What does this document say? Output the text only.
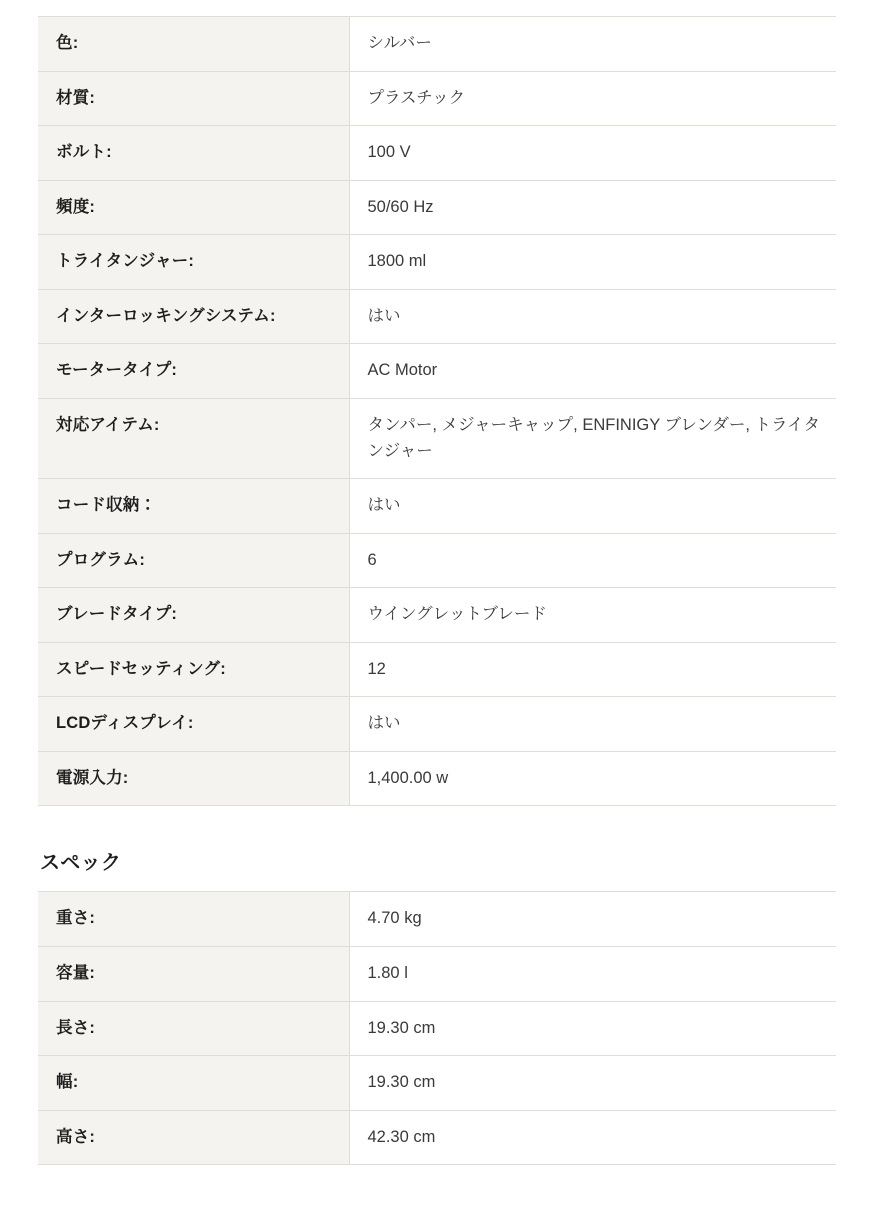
色:	シルバー
材質:	プラスチック
ボルト:	100 V
頻度:	50/60 Hz
トライタンジャー:	1800 ml
インターロッキングシステム:	はい
モータータイプ:	AC Motor
対応アイテム:	タンパー, メジャーキャップ, ENFINIGY ブレンダー, トライタンジャー
コード収納：	はい
プログラム:	6
ブレードタイプ:	ウイングレットブレード
スピードセッティング:	12
LCDディスプレイ:	はい
電源入力:	1,400.00 w
スペック
重さ:	4.70 kg
容量:	1.80 l
長さ:	19.30 cm
幅:	19.30 cm
高さ:	42.30 cm
